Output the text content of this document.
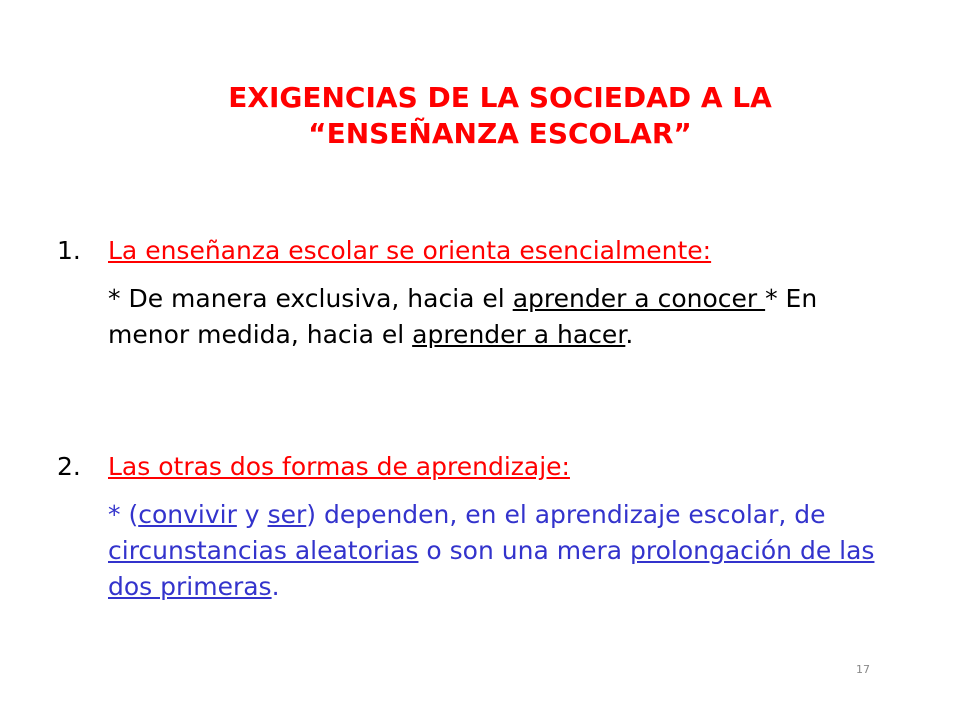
EXIGENCIAS DE LA SOCIEDAD A LA
“ENSEÑANZA ESCOLAR”
1. La enseñanza escolar se orienta esencialmente:
* De manera exclusiva, hacia el aprender a conocer * En menor medida, hacia el aprender a hacer.
2. Las otras dos formas de aprendizaje:
* (convivir y ser) dependen, en el aprendizaje escolar, de circunstancias aleatorias o son una mera prolongación de las dos primeras.
17
